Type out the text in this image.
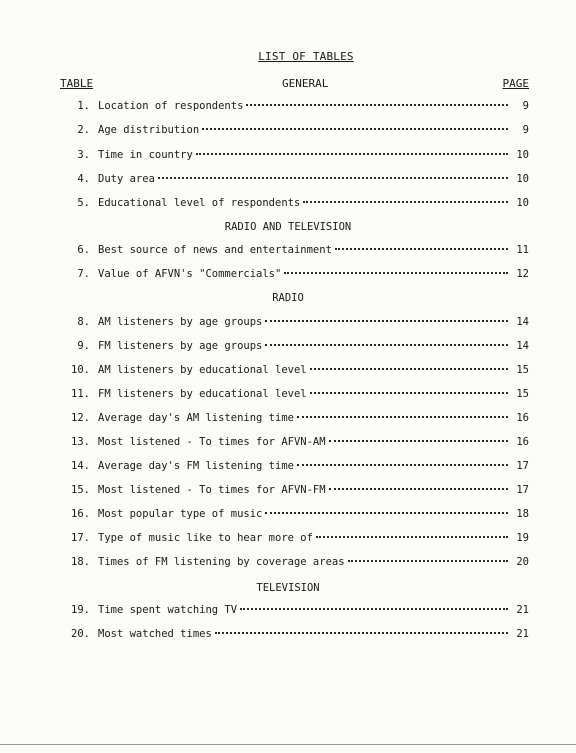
LIST OF TABLES
TABLE	GENERAL	PAGE
1. Location of respondents	9
2. Age distribution	9
3. Time in country	10
4. Duty area	10
5. Educational level of respondents	10
RADIO AND TELEVISION
6. Best source of news and entertainment	11
7. Value of AFVN's "Commercials"	12
RADIO
8. AM listeners by age groups	14
9. FM listeners by age groups	14
10. AM listeners by educational level	15
11. FM listeners by educational level	15
12. Average day's AM listening time	16
13. Most listened - To times for AFVN-AM	16
14. Average day's FM listening time	17
15. Most listened - To times for AFVN-FM	17
16. Most popular type of music	18
17. Type of music like to hear more of	19
18. Times of FM listening by coverage areas	20
TELEVISION
19. Time spent watching TV	21
20. Most watched times	21
